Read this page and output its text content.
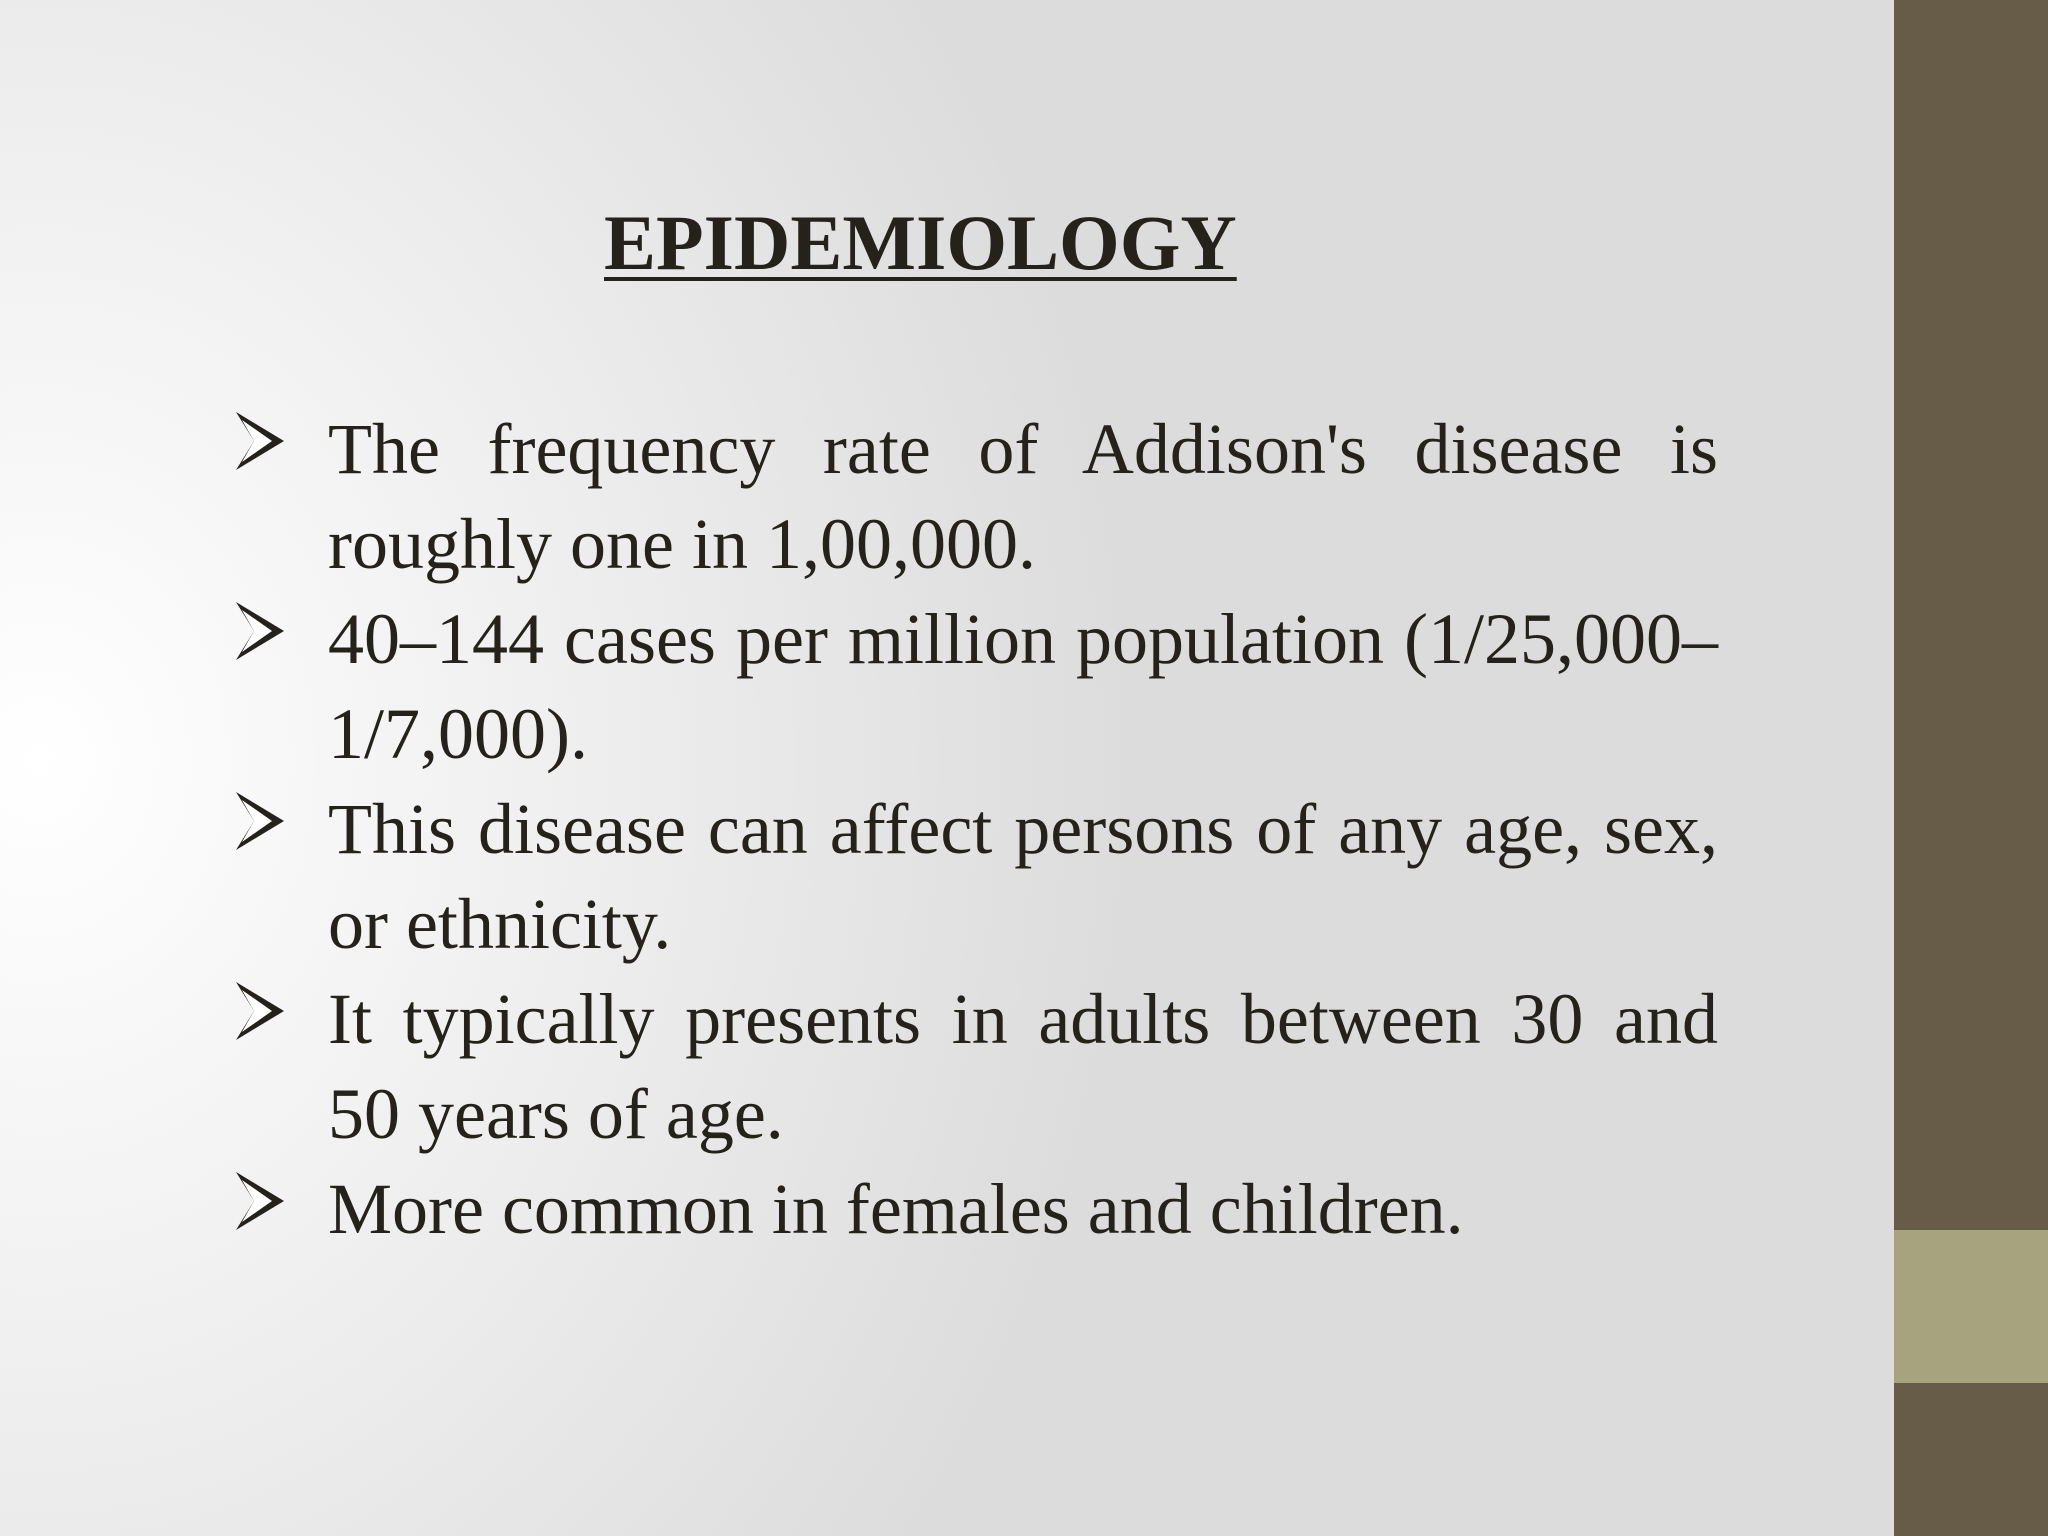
EPIDEMIOLOGY
The frequency rate of Addison's disease is roughly one in 1,00,000.
40–144 cases per million population (1/25,000–1/7,000).
This disease can affect persons of any age, sex, or ethnicity.
It typically presents in adults between 30 and 50 years of age.
More common in females and children.
